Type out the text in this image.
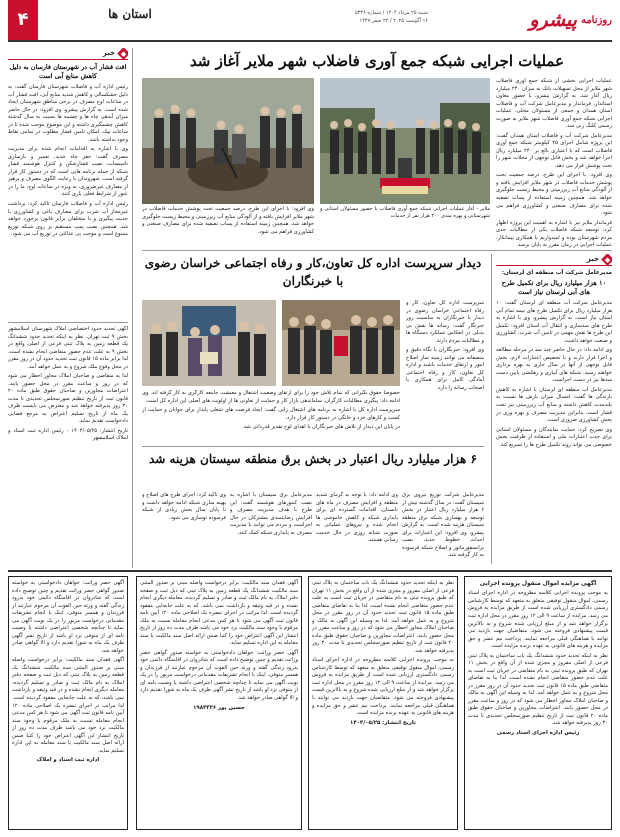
روزنامه
پیشرو
شنبه ۲۵ مرداد ۱۴۰۴ / شماره ۵۳۳۶
۱۶ آگوست ۲۰۲۵ / ۲۲ صفر ۱۴۴۷
استان ها
۴
عملیات اجرایی شبکه جمع آوری فاضلاب شهر ملایر آغاز شد

عملیات اجرایی بخشی از شبکه جمع آوری فاضلاب شهر ملایر از محل تسهیلات بانک به میزان ۲۴۰ میلیارد ریال آغاز شد. به گزارش پیشرو، با حضور معاون استاندار، فرماندار و مدیرعامل شرکت آب و فاضلاب استان همدان و جمعی از مسئولان محلی، عملیات اجرایی شبکه جمع آوری فاضلاب شهر ملایر به صورت رسمی کلنگ زنی شد.

مدیرعامل شرکت آب و فاضلاب استان همدان گفت: این پروژه شامل اجرای ۲۵ کیلومتر شبکه جمع آوری فاضلاب است که با اعتباری بالغ بر ۲۴۰ میلیارد ریال اجرا خواهد شد و بخش قابل توجهی از محلات شهر را تحت پوشش قرار می دهد.

وی افزود: با اجرای این طرح، درصد جمعیت تحت پوشش خدمات فاضلاب در شهر ملایر افزایش یافته و از آلودگی منابع آب زیرزمینی و محیط زیست جلوگیری خواهد شد. همچنین زمینه استفاده از پساب تصفیه شده برای مصارف صنعتی و کشاورزی فراهم می شود.

فرماندار ملایر نیز با اشاره به اهمیت این پروژه اظهار کرد: توسعه شبکه فاضلاب یکی از مطالبات جدی مردم شهرستان بوده و امیدواریم با همکاری پیمانکار، عملیات اجرایی در زمان مقرر به پایان برسد.

ملایر - آغاز عملیات اجرایی شبکه جمع آوری فاضلاب با حضور مسئولان استانی و شهرستانی و بهره مندی ۲۰۰ هزار نفر از خدمات

وی افزود: با اجرای این طرح، درصد جمعیت تحت پوشش خدمات فاضلاب در شهر ملایر افزایش یافته و از آلودگی منابع آب زیرزمینی و محیط زیست جلوگیری خواهد شد. همچنین زمینه استفاده از پساب تصفیه شده برای مصارف صنعتی و کشاورزی فراهم می شود.

خبر
افت فشار آب در شهرستان فارسان به دلیل کاهش منابع آبی است

رئیس اداره آب و فاضلاب شهرستان فارسان گفت: به دلیل خشکسالی و کاهش شدید منابع آبی، افت فشار آب در ساعات اوج مصرف در برخی مناطق شهرستان ایجاد شده است. به گزارش پیشرو، وی افزود: در حال حاضر میزان آبدهی چاه ها و چشمه ها نسبت به سال گذشته کاهش چشمگیری داشته و این موضوع موجب شده تا در ساعات پیک، امکان تامین فشار مطلوب در تمامی نقاط وجود نداشته باشد.

وی با اشاره به اقدامات انجام شده برای مدیریت مصرف گفت: حفر چاه جدید، تعمیر و بازسازی تاسیسات، نصب فشارشکن و کنترل هوشمند فشار شبکه از جمله برنامه هایی است که در دستور کار قرار گرفته است. شهروندان با رعایت الگوی مصرف و پرهیز از مصارف غیرضروری، به ویژه در ساعات اوج، ما را در عبور از شرایط فعلی یاری کنند.

رئیس اداره آب و فاضلاب فارسان تاکید کرد: برداشت غیرمجاز آب شرب برای مصارف باغی و کشاورزی با جدیت پیگیری و با متخلفان برابر قانون برخورد خواهد شد. همچنین نصب پمپ مستقیم بر روی شبکه توزیع ممنوع است و موجب بی عدالتی در توزیع آب می شود.

آگهی تحدید حدود اختصاصی املاک شهرستان اسلامشهر بخش ۹ ثبت تهران. نظر به اینکه تحدید حدود ششدانگ یک قطعه زمین به پلاک ثبتی فرعی از اصلی واقع در بخش ۹ به علت عدم حضور متقاضی انجام نشده است، لذا برابر ماده ۱۵ قانون ثبت تحدید حدود آن در روز مقرر در محل وقوع ملک شروع و به عمل خواهد آمد.

لذا به متقاضی و صاحبان املاک مجاور اخطار می شود که در روز و ساعت مقرر در محل حضور یابند. اعتراضات مجاورین و صاحبان حقوق طبق ماده ۲۰ قانون ثبت از تاریخ تنظیم صورتمجلس تحدیدی تا مدت ۳۰ روز پذیرفته خواهد شد و معترض می بایست ظرف یک ماه از تاریخ تسلیم اعتراض به مرجع قضایی دادخواست تقدیم نماید.

تاریخ انتشار: ۱۴۰۴/۰۵/۲۵ - رئیس اداره ثبت اسناد و املاک اسلامشهر

خبر
مدیرعامل شرکت آب منطقه ای لرستان:
۱۰ هزار میلیارد ریال برای تکمیل طرح های آبی لرستان نیاز است

مدیرعامل شرکت آب منطقه ای لرستان گفت: ۱۰ هزار میلیارد ریال برای تکمیل طرح های نیمه تمام آبی استان نیاز است. به گزارش پیشرو، وی با اشاره به طرح های سدسازی و انتقال آب استان افزود: تکمیل این طرح ها نقش مهمی در تامین آب شرب، کشاورزی و صنعت خواهد داشت.

وی ادامه داد: در حال حاضر چند سد در مرحله مطالعه و اجرا قرار دارند و با تخصیص اعتبارات لازم، بخش قابل توجهی از آنها در سال جاری به بهره برداری خواهند رسید. شبکه های آبیاری و زهکشی پایین دست سدها نیز در دست اجراست.

مدیرعامل آب منطقه ای لرستان با اشاره به کاهش بارندگی ها گفت: امسال میزان بارش ها نسبت به بلندمدت کاهش داشته و منابع آب زیرزمینی نیز تحت فشار است، بنابراین مدیریت مصرف و بهره وری در بخش کشاورزی ضروری است.

وی تصریح کرد: حمایت نمایندگان و مسئولان استانی برای جذب اعتبارات ملی و استفاده از ظرفیت بخش خصوصی می تواند روند تکمیل طرح ها را تسریع کند.

دیدار سرپرست اداره کل تعاون،کار و رفاه اجتماعی خراسان رضوی با خبرنگاران

سرپرست اداره کل تعاون، کار و رفاه اجتماعی خراسان رضوی در دیدار با خبرنگاران به مناسبت روز خبرنگار گفت: رسانه ها نقش بی بدیلی در انعکاس عملکرد دستگاه ها و مطالبات مردم دارند.

وی افزود: خبرنگاران با نگاه دقیق و منصفانه می توانند زمینه ساز اصلاح امور و ارتقای خدمات باشند و اداره کل تعاون، کار و رفاه اجتماعی آمادگی کامل برای همکاری با اصحاب رسانه را دارد.

خصوصا حقوق بگیرانی که تمام تلاش خود را برای ارتقای وضعیت اشتغال و معیشت جامعه کارگری به کار گرفته اند. وی ادامه داد: پیگیری مطالبات کارگران، ساماندهی بازار کار و حمایت از تعاونی ها از اولویت های اصلی این اداره کل است.

سرپرست اداره کل با اشاره به برنامه های اشتغال زایی گفت: ایجاد فرصت های شغلی پایدار برای جوانان و حمایت از کسب و کارهای خرد و خانگی در دستور کار قرار دارد.

در پایان این دیدار از تلاش های خبرنگاران با اهدای لوح تقدیر قدردانی شد.

۶ هزار میلیارد ریال اعتبار در بخش برق منطقه سیستان هزینه شد

مدیرعامل شرکت توزیع نیروی برق سیستان گفت: در سال گذشته بیش از ۶ هزار میلیارد ریال اعتبار در بخش توسعه و بهسازی شبکه برق منطقه سیستان هزینه شده است. به گزارش پیشرو، وی افزود: این اعتبارات برای احداث خطوط جدید، نصب ترانسفورماتور و اصلاح شبکه فرسوده به کار گرفته شد.

وی ادامه داد: با توجه به گرمای شدید منطقه و افزایش مصرف در ماه های تابستان، اقدامات گسترده ای برای پایداری شبکه و کاهش خاموشی ها انجام شده و نیروهای عملیاتی به صورت شبانه روزی در حال خدمت رسانی هستند.

مدیرعامل برق سیستان با اشاره به نصب کنتورهای هوشمند گفت: این طرح با هدف مدیریت مصرف و افزایش رضایتمندی مشترکان در حال اجراست و مردم می توانند با مدیریت مصرف به پایداری شبکه کمک کنند.

وی تاکید کرد: اجرای طرح های اصلاح و بهینه سازی شبکه ادامه خواهد داشت و تا پایان سال بخش زیادی از شبکه فرسوده نوسازی می شود.

آگهی مزایده اموال منقول پرونده اجرایی

به موجب پرونده اجرایی کلاسه مطروحه در اداره اجرای اسناد رسمی، اموال منقول توقیفی متعلق به متعهد که توسط کارشناس رسمی دادگستری ارزیابی شده است از طریق مزایده به فروش می رسد. مزایده از ساعت ۹ الی ۱۲ روز مقرر در محل اداره ثبت برگزار خواهد شد و از مبلغ ارزیابی شده شروع و به بالاترین قیمت پیشنهادی فروخته می شود. متقاضیان جهت بازدید می توانند با هماهنگی قبلی مراجعه نمایند. پرداخت نیم عشر و حق مزایده و هزینه های قانونی به عهده برنده مزایده است.

نظر به اینکه تحدید حدود ششدانگ یک باب ساختمان به پلاک ثبتی فرعی از اصلی مفروز و مجزی شده از آن واقع در بخش ۱۱ تهران که طبق پرونده ثبتی به نام متقاضی در جریان ثبت است به علت عدم حضور متقاضی انجام نشده است، لذا بنا به تقاضای متقاضی طبق ماده ۱۵ قانون ثبت تحدید حدود آن در روز مقرر در محل شروع و به عمل خواهد آمد. لذا به وسیله این آگهی به مالک و صاحبان املاک مجاور اخطار می شود که در روز و ساعت مقرر در محل حضور یابند. اعتراضات مجاورین و صاحبان حقوق طبق ماده ۲۰ قانون ثبت از تاریخ تنظیم صورتمجلس تحدیدی تا مدت ۳۰ روز پذیرفته خواهد شد.

رئیس اداره اجرای اسناد رسمی

نظر به اینکه تحدید حدود ششدانگ یک باب ساختمان به پلاک ثبتی فرعی از اصلی مفروز و مجزی شده از آن واقع در بخش ۱۱ تهران که طبق پرونده ثبتی به نام متقاضی در جریان ثبت است به علت عدم حضور متقاضی انجام نشده است، لذا بنا به تقاضای متقاضی طبق ماده ۱۵ قانون ثبت تحدید حدود آن در روز مقرر در محل شروع و به عمل خواهد آمد. لذا به وسیله این آگهی به مالک و صاحبان املاک مجاور اخطار می شود که در روز و ساعت مقرر در محل حضور یابند. اعتراضات مجاورین و صاحبان حقوق طبق ماده ۲۰ قانون ثبت از تاریخ تنظیم صورتمجلس تحدیدی تا مدت ۳۰ روز پذیرفته خواهد شد.

به موجب پرونده اجرایی کلاسه مطروحه در اداره اجرای اسناد رسمی، اموال منقول توقیفی متعلق به متعهد که توسط کارشناس رسمی دادگستری ارزیابی شده است از طریق مزایده به فروش می رسد. مزایده از ساعت ۹ الی ۱۲ روز مقرر در محل اداره ثبت برگزار خواهد شد و از مبلغ ارزیابی شده شروع و به بالاترین قیمت پیشنهادی فروخته می شود. متقاضیان جهت بازدید می توانند با هماهنگی قبلی مراجعه نمایند. پرداخت نیم عشر و حق مزایده و هزینه های قانونی به عهده برنده مزایده است.

تاریخ انتشار: ۱۴۰۴/۰۵/۲۵

آگهی فقدان سند مالکیت: برابر درخواست واصله مبنی بر صدور المثنی سند مالکیت ششدانگ یک قطعه زمین به پلاک ثبتی که ذیل ثبت و صفحه دفتر املاک به نام مالک ثبت و صادر و تسلیم گردیده، معامله دیگری انجام نشده و در قید وثیقه و بازداشت نمی باشد، که به علت جابجایی مفقود گردیده است. لذا مراتب در اجرای تبصره یک اصلاحی ماده ۱۲۰ آیین نامه قانون ثبت آگهی می شود تا هر کس مدعی انجام معامله نسبت به ملک مرقوم یا وجود سند مالکیت نزد خود می باشد ظرف مدت ده روز از تاریخ انتشار این آگهی اعتراض خود را کتبا ضمن ارائه اصل سند مالکیت یا سند معامله به این اداره تسلیم نماید.

آگهی حصر وراثت: خواهان دادخواستی به خواسته صدور گواهی حصر وراثت تقدیم و چنین توضیح داده است که شادروان در اقامتگاه دائمی خود بدرود زندگی گفته و ورثه حین الفوت آن مرحوم عبارتند از فرزندان و همسر متوفی. اینک با انجام تشریفات مقدماتی درخواست مزبور را در یک نوبت آگهی می نماید تا چنانچه شخصی اعتراضی داشته یا وصیت نامه ای از متوفی نزد او باشد از تاریخ نشر آگهی ظرف یک ماه به شورا تقدیم دارد و الا گواهی صادر خواهد شد.

حسین پور ۱۹۸۴۳۳۶

آگهی حصر وراثت: خواهان دادخواستی به خواسته صدور گواهی حصر وراثت تقدیم و چنین توضیح داده است که شادروان در اقامتگاه دائمی خود بدرود زندگی گفته و ورثه حین الفوت آن مرحوم عبارتند از فرزندان و همسر متوفی. اینک با انجام تشریفات مقدماتی درخواست مزبور را در یک نوبت آگهی می نماید تا چنانچه شخصی اعتراضی داشته یا وصیت نامه ای از متوفی نزد او باشد از تاریخ نشر آگهی ظرف یک ماه به شورا تقدیم دارد و الا گواهی صادر خواهد شد.

آگهی فقدان سند مالکیت: برابر درخواست واصله مبنی بر صدور المثنی سند مالکیت ششدانگ یک قطعه زمین به پلاک ثبتی که ذیل ثبت و صفحه دفتر املاک به نام مالک ثبت و صادر و تسلیم گردیده، معامله دیگری انجام نشده و در قید وثیقه و بازداشت نمی باشد، که به علت جابجایی مفقود گردیده است. لذا مراتب در اجرای تبصره یک اصلاحی ماده ۱۲۰ آیین نامه قانون ثبت آگهی می شود تا هر کس مدعی انجام معامله نسبت به ملک مرقوم یا وجود سند مالکیت نزد خود می باشد ظرف مدت ده روز از تاریخ انتشار این آگهی اعتراض خود را کتبا ضمن ارائه اصل سند مالکیت یا سند معامله به این اداره تسلیم نماید.

اداره ثبت اسناد و املاک
